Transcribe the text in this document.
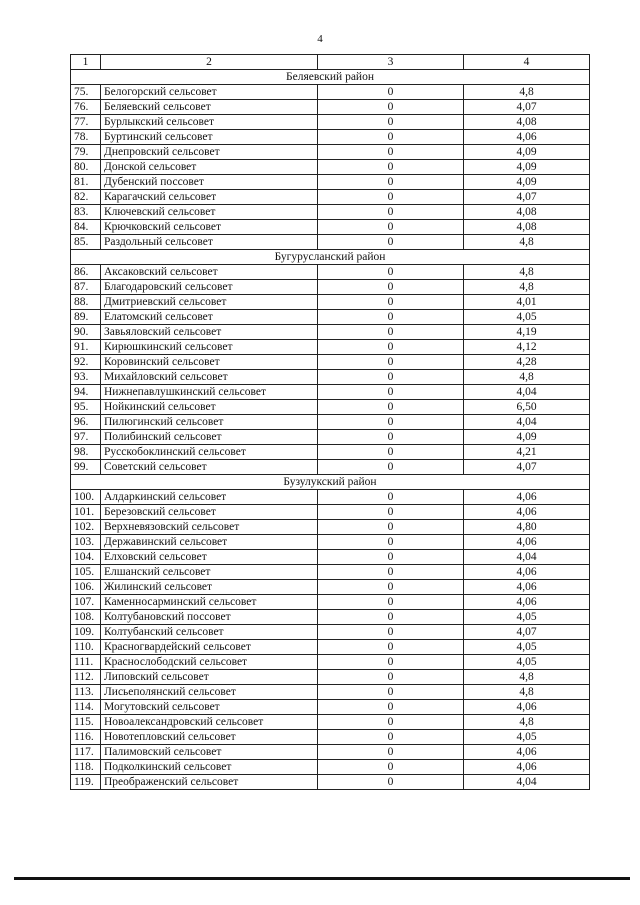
4
1	2	3	4
Беляевский район			
75.	Белогорский сельсовет	0	4,8
76.	Беляевский сельсовет	0	4,07
77.	Бурлыкский сельсовет	0	4,08
78.	Буртинский сельсовет	0	4,06
79.	Днепровский сельсовет	0	4,09
80.	Донской сельсовет	0	4,09
81.	Дубенский поссовет	0	4,09
82.	Карагачский сельсовет	0	4,07
83.	Ключевский сельсовет	0	4,08
84.	Крючковский сельсовет	0	4,08
85.	Раздольный сельсовет	0	4,8
Бугурусланский район			
86.	Аксаковский сельсовет	0	4,8
87.	Благодаровский сельсовет	0	4,8
88.	Дмитриевский сельсовет	0	4,01
89.	Елатомский сельсовет	0	4,05
90.	Завьяловский сельсовет	0	4,19
91.	Кирюшкинский сельсовет	0	4,12
92.	Коровинский сельсовет	0	4,28
93.	Михайловский сельсовет	0	4,8
94.	Нижнепавлушкинский сельсовет	0	4,04
95.	Нойкинский сельсовет	0	6,50
96.	Пилюгинский сельсовет	0	4,04
97.	Полибинский сельсовет	0	4,09
98.	Русскобоклинский сельсовет	0	4,21
99.	Советский сельсовет	0	4,07
Бузулукский район			
100.	Алдаркинский сельсовет	0	4,06
101.	Березовский сельсовет	0	4,06
102.	Верхневязовский сельсовет	0	4,80
103.	Державинский сельсовет	0	4,06
104.	Елховский сельсовет	0	4,04
105.	Елшанский сельсовет	0	4,06
106.	Жилинский сельсовет	0	4,06
107.	Каменносарминский сельсовет	0	4,06
108.	Колтубановский поссовет	0	4,05
109.	Колтубанский сельсовет	0	4,07
110.	Красногвардейский сельсовет	0	4,05
111.	Краснослободский сельсовет	0	4,05
112.	Липовский сельсовет	0	4,8
113.	Лисьеполянский сельсовет	0	4,8
114.	Могутовский сельсовет	0	4,06
115.	Новоалександровский сельсовет	0	4,8
116.	Новотепловский сельсовет	0	4,05
117.	Палимовский сельсовет	0	4,06
118.	Подколкинский сельсовет	0	4,06
119.	Преображенский сельсовет	0	4,04
